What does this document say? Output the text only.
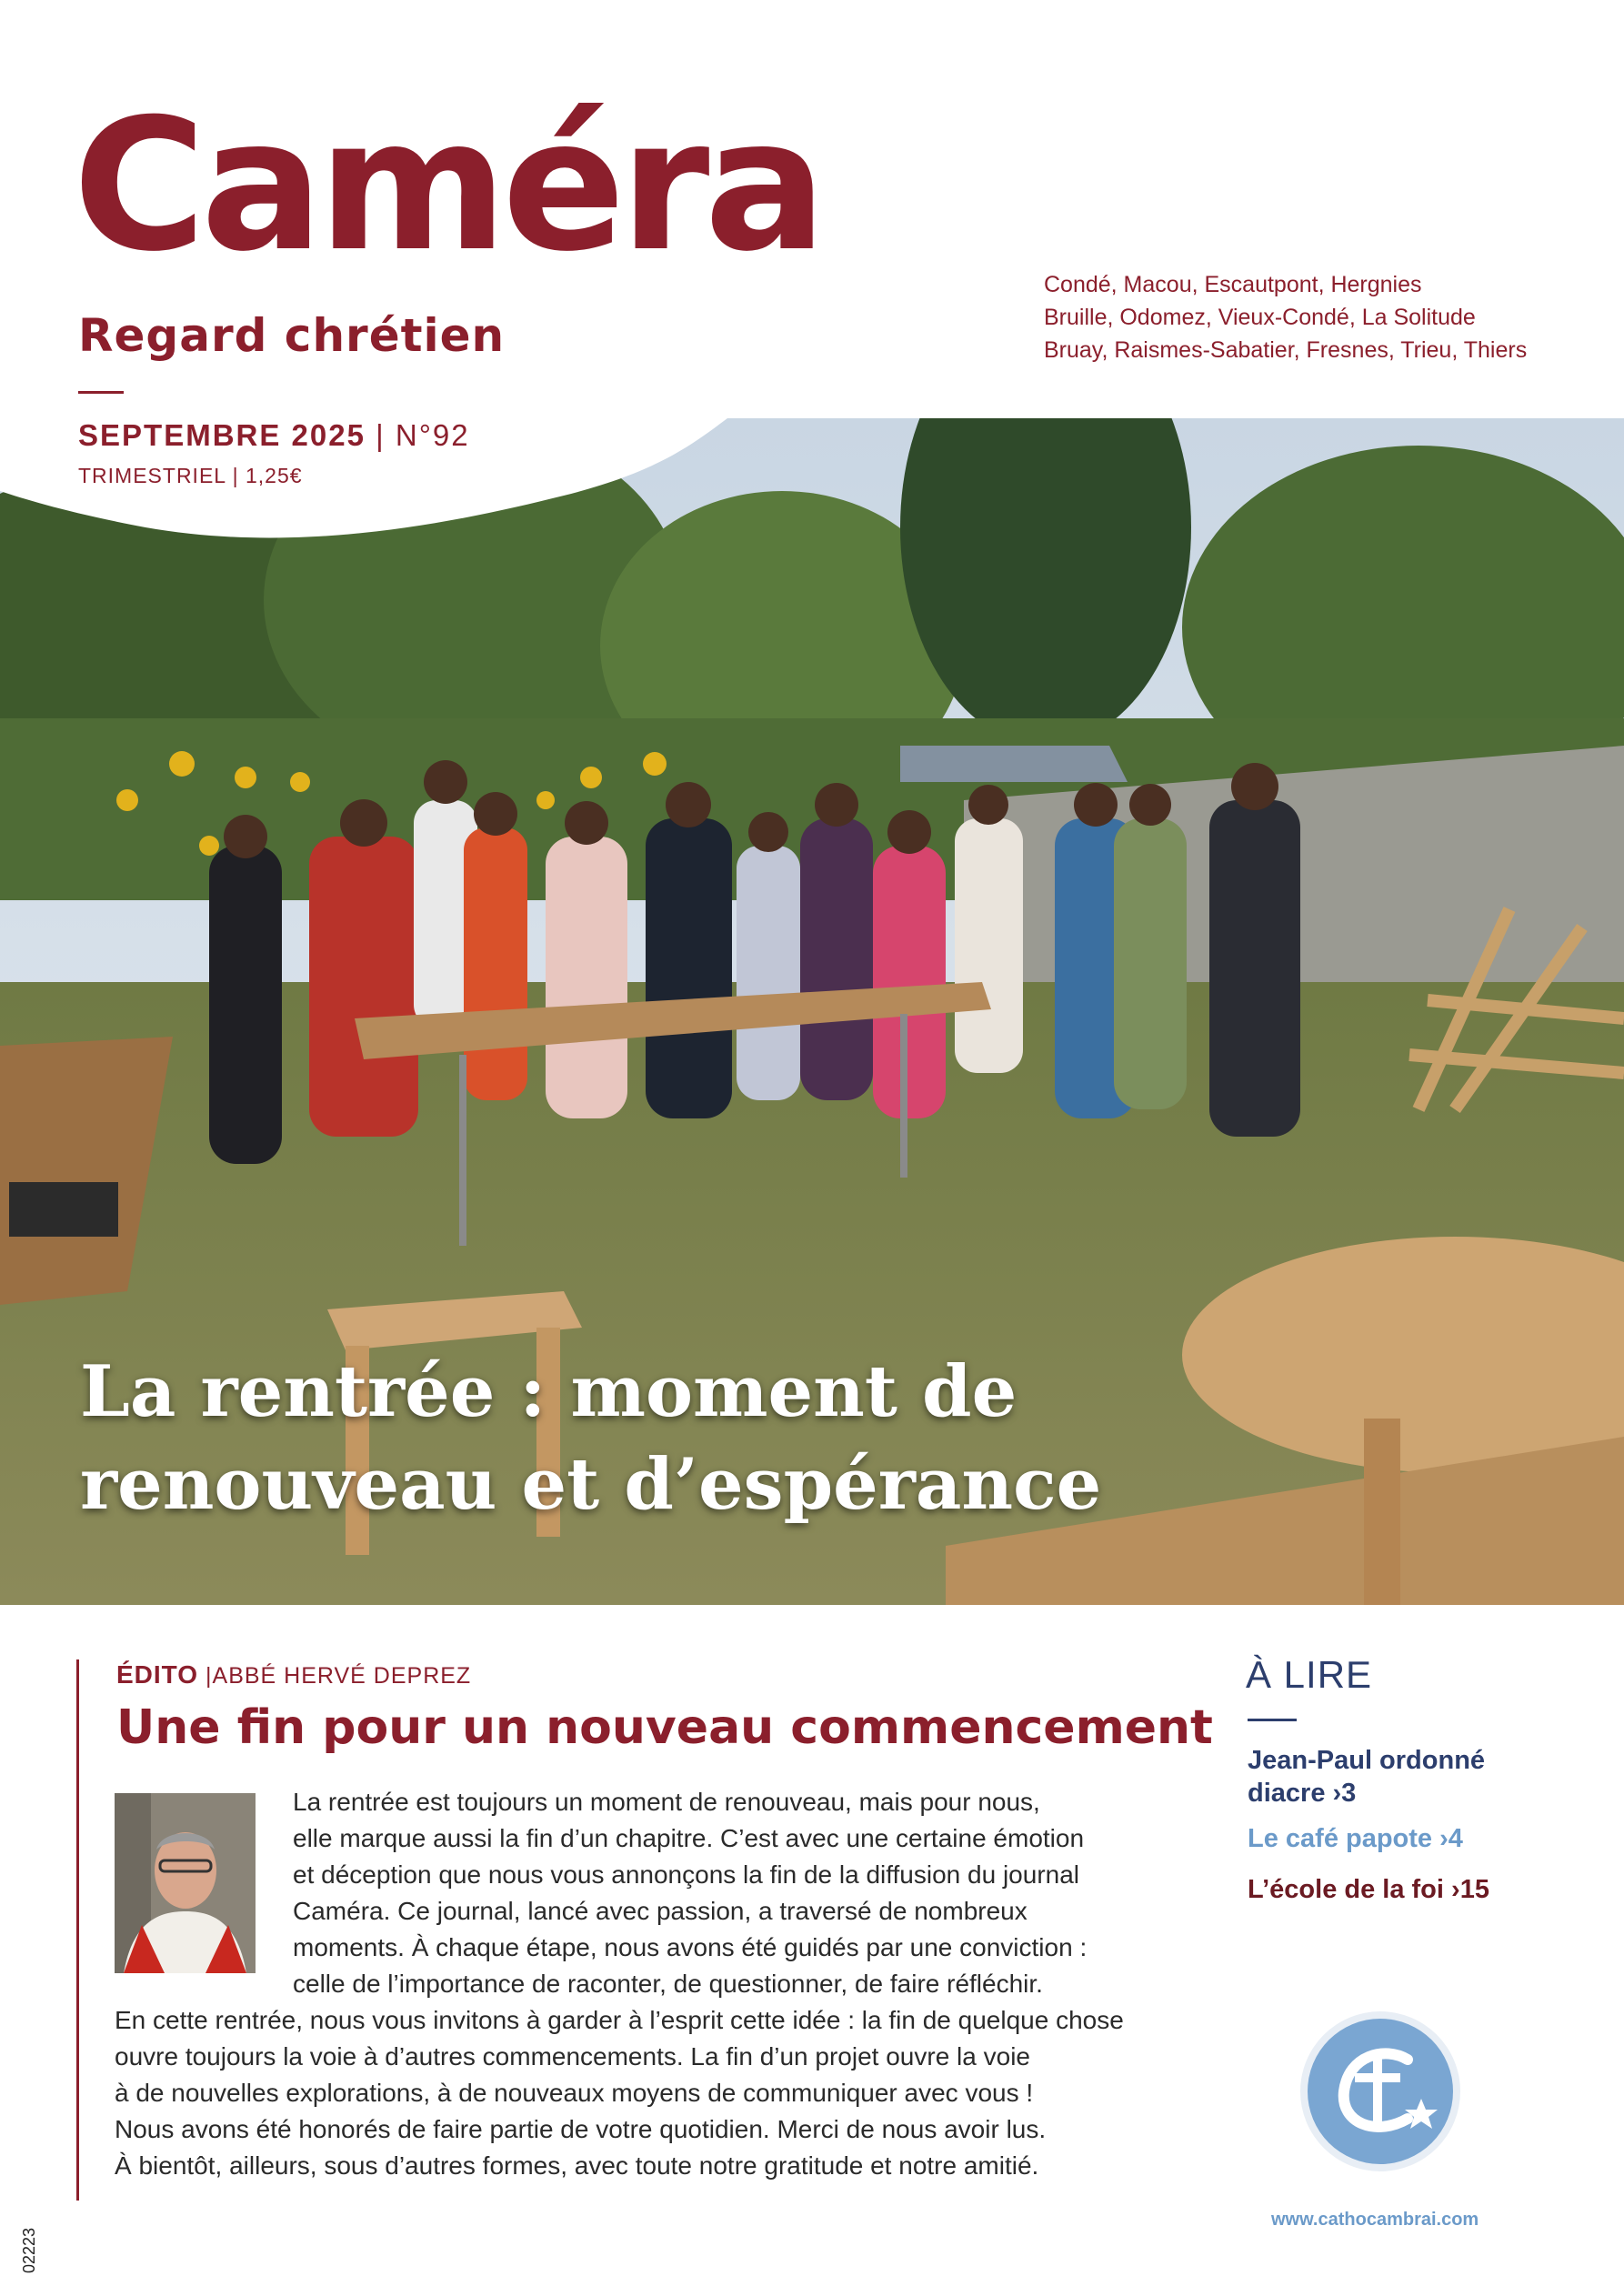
Caméra
Regard chrétien
Condé, Macou, Escautpont, Hergnies
Bruille, Odomez, Vieux-Condé, La Solitude
Bruay, Raismes-Sabatier, Fresnes, Trieu, Thiers
SEPTEMBRE 2025 | N°92
TRIMESTRIEL | 1,25€
La rentrée : moment de
renouveau et d’espérance
ÉDITO |ABBÉ HERVÉ DEPREZ
Une fin pour un nouveau commencement
La rentrée est toujours un moment de renouveau, mais pour nous,
elle marque aussi la fin d’un chapitre. C’est avec une certaine émotion
et déception que nous vous annonçons la fin de la diffusion du journal
Caméra. Ce journal, lancé avec passion, a traversé de nombreux
moments. À chaque étape, nous avons été guidés par une conviction :
celle de l’importance de raconter, de questionner, de faire réfléchir.
En cette rentrée, nous vous invitons à garder à l’esprit cette idée : la fin de quelque chose
ouvre toujours la voie à d’autres commencements. La fin d’un projet ouvre la voie
à de nouvelles explorations, à de nouveaux moyens de communiquer avec vous !
Nous avons été honorés de faire partie de votre quotidien. Merci de nous avoir lus.
À bientôt, ailleurs, sous d’autres formes, avec toute notre gratitude et notre amitié.
À LIRE
Jean-Paul ordonné diacre ›3
Le café papote ›4
L’école de la foi ›15
www.cathocambrai.com
02223
